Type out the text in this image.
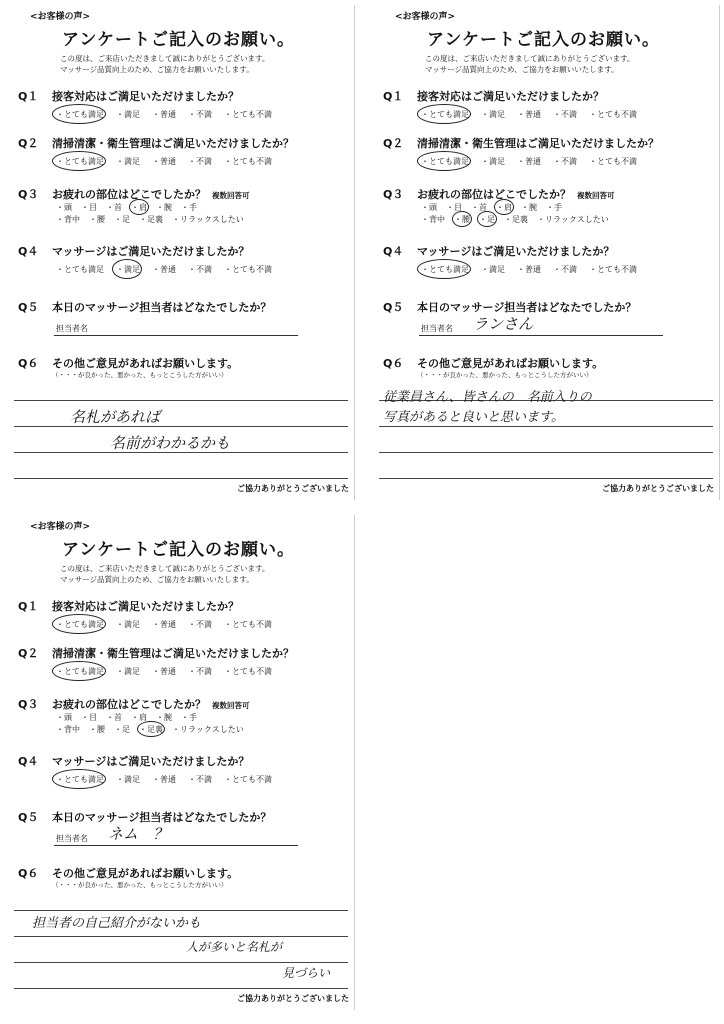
<お客様の声>
アンケートご記入のお願い。
この度は、ご来店いただきまして誠にありがとうございます。
マッサージ品質向上のため、ご協力をお願いいたします。
Q１ 接客対応はご満足いただけましたか？
・とても満足 ・満足 ・普通 ・不満 ・とても不満
Q２ 清掃清潔・衛生管理はご満足いただけましたか？
・とても満足 ・満足 ・普通 ・不満 ・とても不満
Q３ お疲れの部位はどこでしたか？ 複数回答可
・頭 ・目 ・首 ・肩 ・腕 ・手
・背中 ・腰 ・足 ・足裏 ・リラックスしたい
Q４ マッサージはご満足いただけましたか？
・とても満足 ・満足 ・普通 ・不満 ・とても不満
Q５ 本日のマッサージ担当者はどなたでしたか？
担当者名
Q６ その他ご意見があればお願いします。
（・・・が良かった、悪かった、もっとこうした方がいい）
名札があれば
名前がわかるかも
ご協力ありがとうございました
<お客様の声>
アンケートご記入のお願い。
この度は、ご来店いただきまして誠にありがとうございます。
マッサージ品質向上のため、ご協力をお願いいたします。
Q１ 接客対応はご満足いただけましたか？
・とても満足 ・満足 ・普通 ・不満 ・とても不満
Q２ 清掃清潔・衛生管理はご満足いただけましたか？
・とても満足 ・満足 ・普通 ・不満 ・とても不満
Q３ お疲れの部位はどこでしたか？ 複数回答可
・頭 ・目 ・首 ・肩 ・腕 ・手
・背中 ・腰 ・足 ・足裏 ・リラックスしたい
Q４ マッサージはご満足いただけましたか？
・とても満足 ・満足 ・普通 ・不満 ・とても不満
Q５ 本日のマッサージ担当者はどなたでしたか？
担当者名 ランさん
Q６ その他ご意見があればお願いします。
（・・・が良かった、悪かった、もっとこうした方がいい）
従業員さん、皆さんの　名前入りの
写真があると良いと思います。
ご協力ありがとうございました
<お客様の声>
アンケートご記入のお願い。
この度は、ご来店いただきまして誠にありがとうございます。
マッサージ品質向上のため、ご協力をお願いいたします。
Q１ 接客対応はご満足いただけましたか？
・とても満足 ・満足 ・普通 ・不満 ・とても不満
Q２ 清掃清潔・衛生管理はご満足いただけましたか？
・とても満足 ・満足 ・普通 ・不満 ・とても不満
Q３ お疲れの部位はどこでしたか？ 複数回答可
・頭 ・目 ・首 ・肩 ・腕 ・手
・背中 ・腰 ・足 ・足裏 ・リラックスしたい
Q４ マッサージはご満足いただけましたか？
・とても満足 ・満足 ・普通 ・不満 ・とても不満
Q５ 本日のマッサージ担当者はどなたでしたか？
担当者名 ネム　？
Q６ その他ご意見があればお願いします。
（・・・が良かった、悪かった、もっとこうした方がいい）
担当者の自己紹介がないかも
人が多いと名札が
見づらい
ご協力ありがとうございました
